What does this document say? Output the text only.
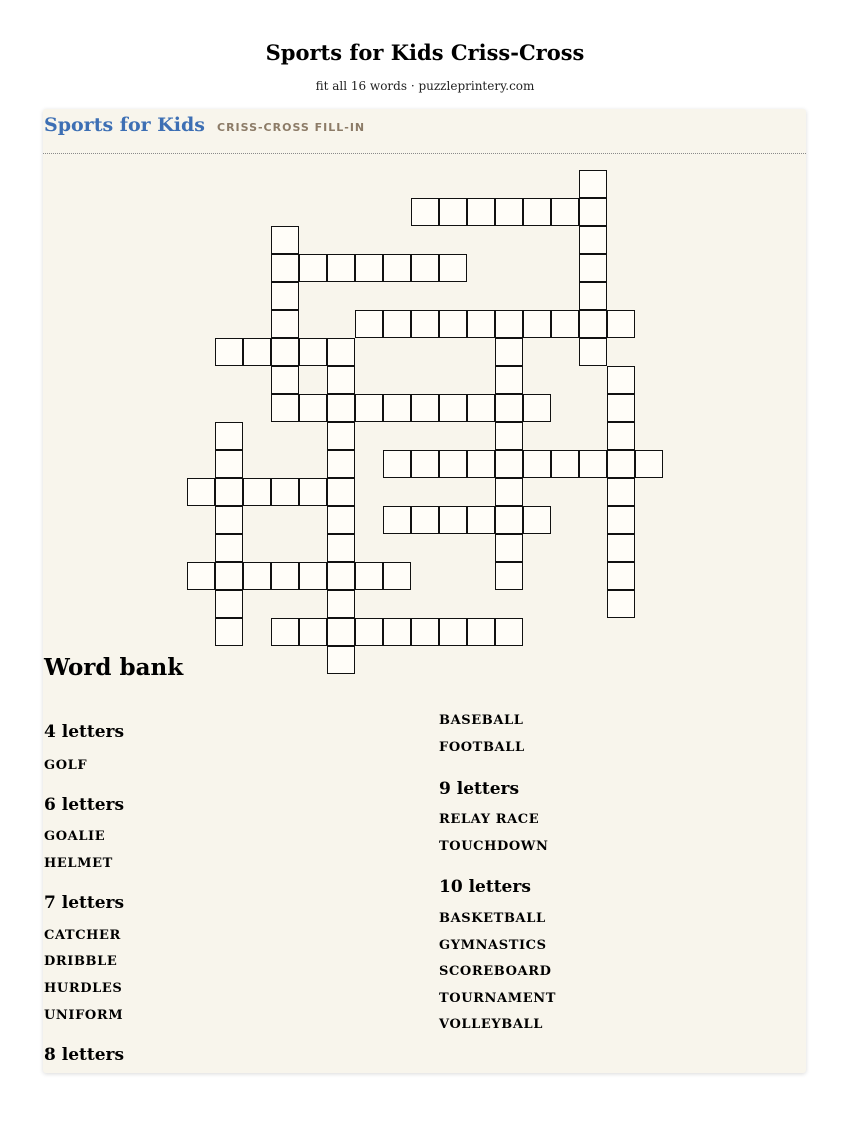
Sports for Kids Criss-Cross
fit all 16 words · puzzleprintery.com
Sports for Kids CRISS-CROSS FILL-IN
Word bank
4 letters
GOLF
6 letters
GOALIE
HELMET
7 letters
CATCHER
DRIBBLE
HURDLES
UNIFORM
8 letters
BASEBALL
FOOTBALL
9 letters
RELAY RACE
TOUCHDOWN
10 letters
BASKETBALL
GYMNASTICS
SCOREBOARD
TOURNAMENT
VOLLEYBALL
